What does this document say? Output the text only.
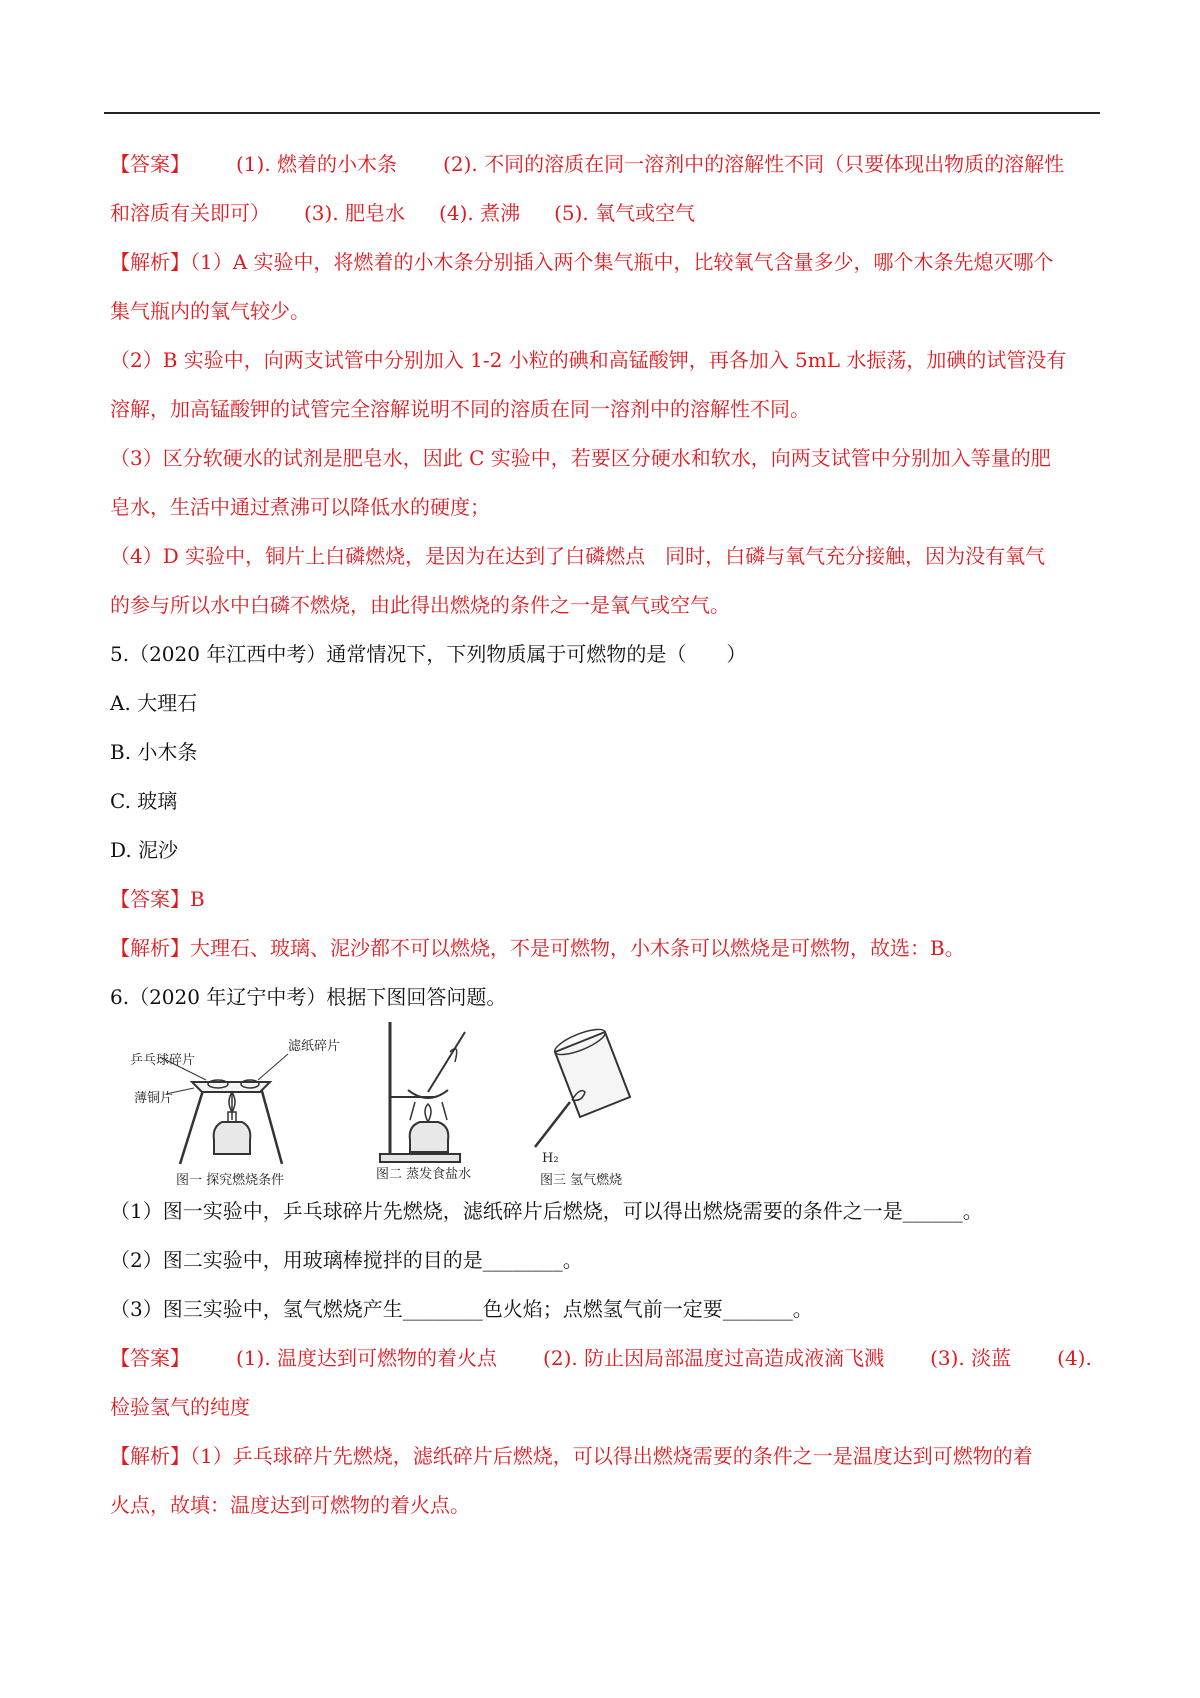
【答案】 (1). 燃着的小木条 (2). 不同的溶质在同一溶剂中的溶解性不同（只要体现出物质的溶解性
和溶质有关即可） (3). 肥皂水 (4). 煮沸 (5). 氧气或空气
【解析】（1）A 实验中，将燃着的小木条分别插入两个集气瓶中，比较氧气含量多少，哪个木条先熄灭哪个
集气瓶内的氧气较少。
（2）B 实验中，向两支试管中分别加入 1-2 小粒的碘和高锰酸钾，再各加入 5mL 水振荡，加碘的试管没有
溶解，加高锰酸钾的试管完全溶解说明不同的溶质在同一溶剂中的溶解性不同。
（3）区分软硬水的试剂是肥皂水，因此 C 实验中，若要区分硬水和软水，向两支试管中分别加入等量的肥
皂水，生活中通过煮沸可以降低水的硬度；
（4）D 实验中，铜片上白磷燃烧，是因为在达到了白磷燃点　同时，白磷与氧气充分接触，因为没有氧气
的参与所以水中白磷不燃烧，由此得出燃烧的条件之一是氧气或空气。
5.（2020 年江西中考）通常情况下，下列物质属于可燃物的是（　　）
A. 大理石
B. 小木条
C. 玻璃
D. 泥沙
【答案】B
【解析】大理石、玻璃、泥沙都不可以燃烧，不是可燃物，小木条可以燃烧是可燃物，故选：B。
6.（2020 年辽宁中考）根据下图回答问题。
乒乓球碎片
滤纸碎片
薄铜片
图一 探究燃烧条件	图二 蒸发食盐水
H₂
图三 氢气燃烧
（1）图一实验中，乒乓球碎片先燃烧，滤纸碎片后燃烧，可以得出燃烧需要的条件之一是______。
（2）图二实验中，用玻璃棒搅拌的目的是________。
（3）图三实验中，氢气燃烧产生________色火焰；点燃氢气前一定要_______。
【答案】 (1). 温度达到可燃物的着火点 (2). 防止因局部温度过高造成液滴飞溅 (3). 淡蓝 (4).
检验氢气的纯度
【解析】（1）乒乓球碎片先燃烧，滤纸碎片后燃烧，可以得出燃烧需要的条件之一是温度达到可燃物的着
火点，故填：温度达到可燃物的着火点。
